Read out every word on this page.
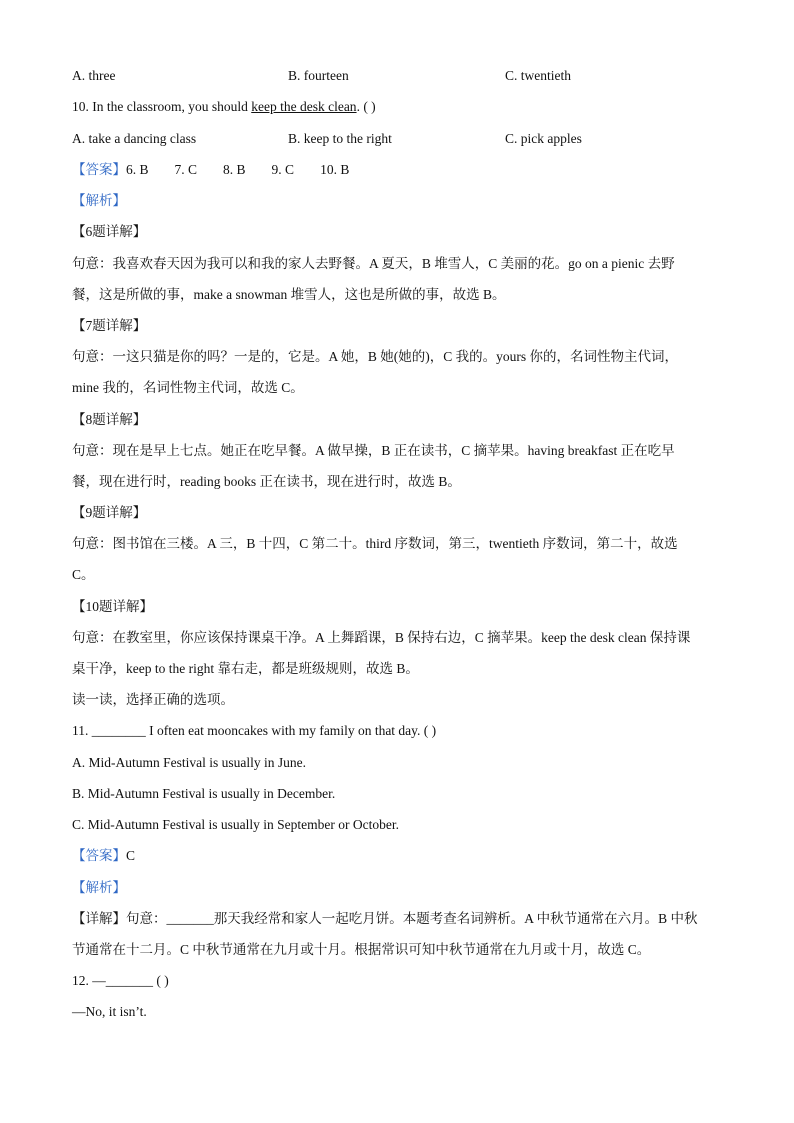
A. three	B. fourteen	C. twentieth
10. In the classroom, you should keep the desk clean. ( )
A. take a dancing class	B. keep to the right	C. pick apples
【答案】6. B 7. C 8. B 9. C 10. B
【解析】
【6题详解】
句意：我喜欢春天因为我可以和我的家人去野餐。A 夏天，B 堆雪人，C 美丽的花。go on a pienic 去野
餐，这是所做的事，make a snowman 堆雪人，这也是所做的事，故选 B。
【7题详解】
句意：一这只猫是你的吗？一是的，它是。A 她，B 她(她的)，C 我的。yours 你的，名词性物主代词，
mine 我的，名词性物主代词，故选 C。
【8题详解】
句意：现在是早上七点。她正在吃早餐。A 做早操，B 正在读书，C 摘苹果。having breakfast 正在吃早
餐，现在进行时，reading books 正在读书，现在进行时，故选 B。
【9题详解】
句意：图书馆在三楼。A 三，B 十四，C 第二十。third 序数词，第三，twentieth 序数词，第二十，故选
C。
【10题详解】
句意：在教室里，你应该保持课桌干净。A 上舞蹈课，B 保持右边，C 摘苹果。keep the desk clean 保持课
桌干净，keep to the right 靠右走，都是班级规则，故选 B。
读一读，选择正确的选项。
11. ________ I often eat mooncakes with my family on that day. ( )
A. Mid-Autumn Festival is usually in June.
B. Mid-Autumn Festival is usually in December.
C. Mid-Autumn Festival is usually in September or October.
【答案】C
【解析】
【详解】句意：_______那天我经常和家人一起吃月饼。本题考查名词辨析。A 中秋节通常在六月。B 中秋
节通常在十二月。C 中秋节通常在九月或十月。根据常识可知中秋节通常在九月或十月，故选 C。
12. —_______ ( )
—No, it isn’t.
